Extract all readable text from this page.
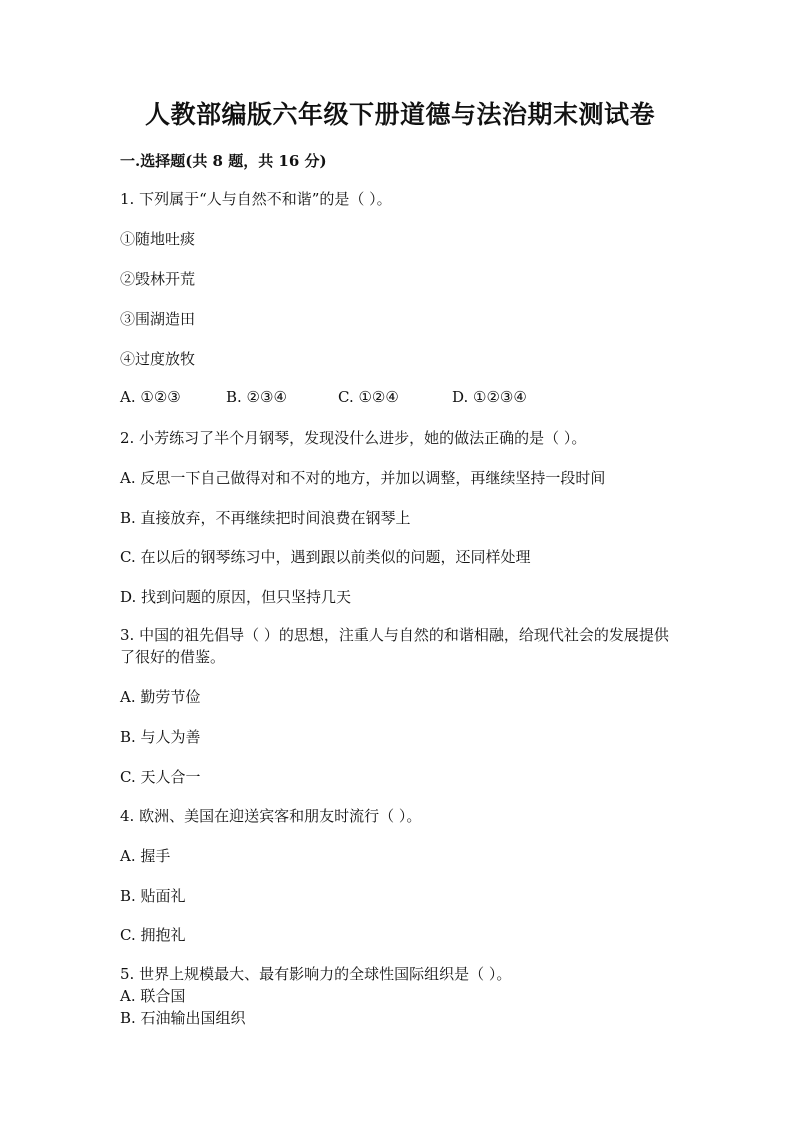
人教部编版六年级下册道德与法治期末测试卷
一.选择题(共 8 题，共 16 分)
1. 下列属于“人与自然不和谐”的是（ ）。
①随地吐痰
②毁林开荒
③围湖造田
④过度放牧
A. ①②③	B. ②③④	C. ①②④	D. ①②③④
2. 小芳练习了半个月钢琴，发现没什么进步，她的做法正确的是（ ）。
A. 反思一下自己做得对和不对的地方，并加以调整，再继续坚持一段时间
B. 直接放弃，不再继续把时间浪费在钢琴上
C. 在以后的钢琴练习中，遇到跟以前类似的问题，还同样处理
D. 找到问题的原因，但只坚持几天
3. 中国的祖先倡导（ ）的思想，注重人与自然的和谐相融，给现代社会的发展提供了很好的借鉴。
A. 勤劳节俭
B. 与人为善
C. 天人合一
4. 欧洲、美国在迎送宾客和朋友时流行（ ）。
A. 握手
B. 贴面礼
C. 拥抱礼
5. 世界上规模最大、最有影响力的全球性国际组织是（ ）。
A. 联合国
B. 石油输出国组织
